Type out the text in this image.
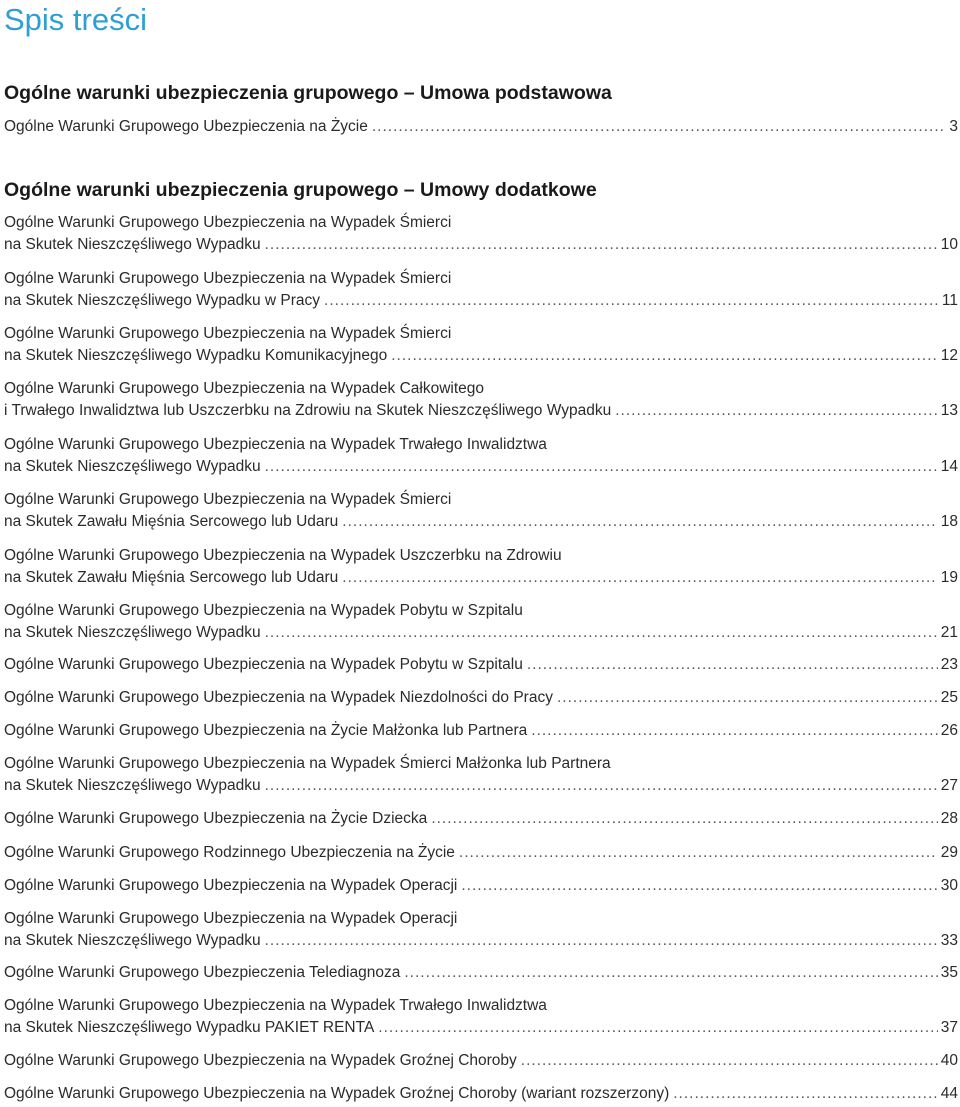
Spis treści
Ogólne warunki ubezpieczenia grupowego – Umowa podstawowa
Ogólne Warunki Grupowego Ubezpieczenia na Życie .....	3
Ogólne warunki ubezpieczenia grupowego – Umowy dodatkowe
Ogólne Warunki Grupowego Ubezpieczenia na Wypadek Śmierci
na Skutek Nieszczęśliwego Wypadku .....	10
Ogólne Warunki Grupowego Ubezpieczenia na Wypadek Śmierci
na Skutek Nieszczęśliwego Wypadku w Pracy .....	11
Ogólne Warunki Grupowego Ubezpieczenia na Wypadek Śmierci
na Skutek Nieszczęśliwego Wypadku Komunikacyjnego .....	12
Ogólne Warunki Grupowego Ubezpieczenia na Wypadek Całkowitego
i Trwałego Inwalidztwa lub Uszczerbku na Zdrowiu na Skutek Nieszczęśliwego Wypadku .....	13
Ogólne Warunki Grupowego Ubezpieczenia na Wypadek Trwałego Inwalidztwa
na Skutek Nieszczęśliwego Wypadku .....	14
Ogólne Warunki Grupowego Ubezpieczenia na Wypadek Śmierci
na Skutek Zawału Mięśnia Sercowego lub Udaru .....	18
Ogólne Warunki Grupowego Ubezpieczenia na Wypadek Uszczerbku na Zdrowiu
na Skutek Zawału Mięśnia Sercowego lub Udaru .....	19
Ogólne Warunki Grupowego Ubezpieczenia na Wypadek Pobytu w Szpitalu
na Skutek Nieszczęśliwego Wypadku .....	21
Ogólne Warunki Grupowego Ubezpieczenia na Wypadek Pobytu w Szpitalu .....	23
Ogólne Warunki Grupowego Ubezpieczenia na Wypadek Niezdolności do Pracy .....	25
Ogólne Warunki Grupowego Ubezpieczenia na Życie Małżonka lub Partnera .....	26
Ogólne Warunki Grupowego Ubezpieczenia na Wypadek Śmierci Małżonka lub Partnera
na Skutek Nieszczęśliwego Wypadku .....	27
Ogólne Warunki Grupowego Ubezpieczenia na Życie Dziecka .....	28
Ogólne Warunki Grupowego Rodzinnego Ubezpieczenia na Życie .....	29
Ogólne Warunki Grupowego Ubezpieczenia na Wypadek Operacji .....	30
Ogólne Warunki Grupowego Ubezpieczenia na Wypadek Operacji
na Skutek Nieszczęśliwego Wypadku .....	33
Ogólne Warunki Grupowego Ubezpieczenia Telediagnoza .....	35
Ogólne Warunki Grupowego Ubezpieczenia na Wypadek Trwałego Inwalidztwa
na Skutek Nieszczęśliwego Wypadku PAKIET RENTA .....	37
Ogólne Warunki Grupowego Ubezpieczenia na Wypadek Groźnej Choroby .....	40
Ogólne Warunki Grupowego Ubezpieczenia na Wypadek Groźnej Choroby (wariant rozszerzony) .....	44
